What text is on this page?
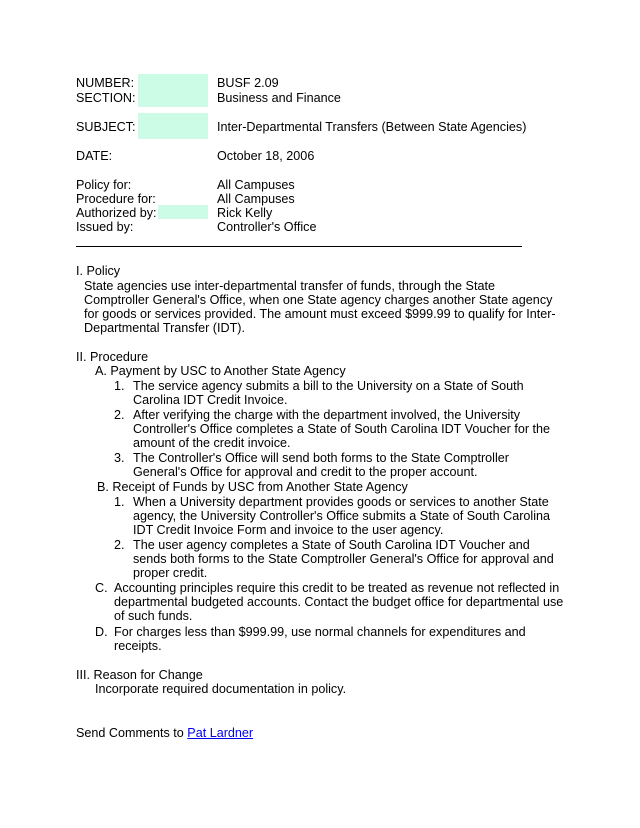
NUMBER:	BUSF 2.09
SECTION:	Business and Finance
SUBJECT:	Inter-Departmental Transfers (Between State Agencies)
DATE:	October 18, 2006
Policy for:	All Campuses
Procedure for:	All Campuses
Authorized by:	Rick Kelly
Issued by:	Controller's Office
I. Policy
State agencies use inter-departmental transfer of funds, through the State
Comptroller General's Office, when one State agency charges another State agency
for goods or services provided. The amount must exceed $999.99 to qualify for Inter-
Departmental Transfer (IDT).
II. Procedure
A. Payment by USC to Another State Agency
1. The service agency submits a bill to the University on a State of South
Carolina IDT Credit Invoice.
2. After verifying the charge with the department involved, the University
Controller's Office completes a State of South Carolina IDT Voucher for the
amount of the credit invoice.
3. The Controller's Office will send both forms to the State Comptroller
General's Office for approval and credit to the proper account.
B. Receipt of Funds by USC from Another State Agency
1. When a University department provides goods or services to another State
agency, the University Controller's Office submits a State of South Carolina
IDT Credit Invoice Form and invoice to the user agency.
2. The user agency completes a State of South Carolina IDT Voucher and
sends both forms to the State Comptroller General's Office for approval and
proper credit.
C. Accounting principles require this credit to be treated as revenue not reflected in
departmental budgeted accounts. Contact the budget office for departmental use
of such funds.
D. For charges less than $999.99, use normal channels for expenditures and
receipts.
III. Reason for Change
Incorporate required documentation in policy.
Send Comments to Pat Lardner
